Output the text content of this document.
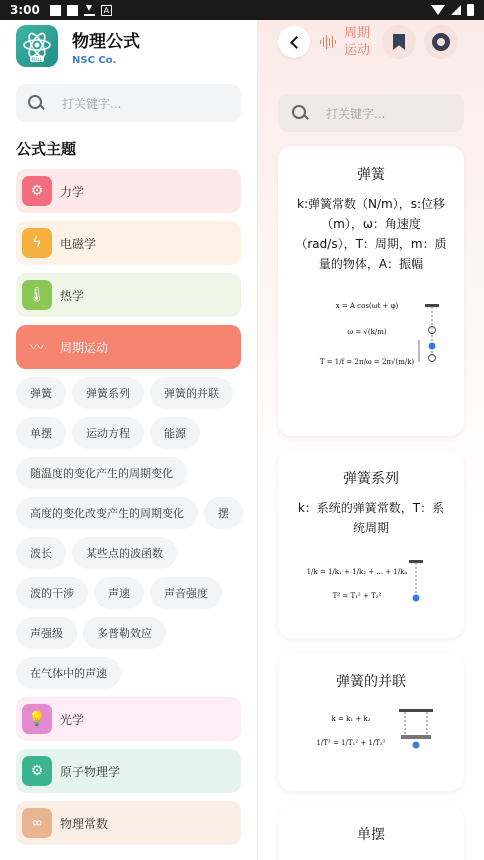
3:00	A
FULL
物理公式
NSC Co.
打关键字...
公式主题
⚙	力学
ϟ	电磁学
🌡	热学
〰	周期运动
弹簧	弹簧系列	弹簧的并联
单摆	运动方程	能源
随温度的变化产生的周期变化
高度的变化改变产生的周期变化	摆
波长	某些点的波函数
波的干涉	声速	声音强度
声强级	多普勒效应
在气体中的声速
💡	光学
⚙	原子物理学
∞	物理常数
周期运动
打关键字...
弹簧
k:弹簧常数（N/m），s:位移（m），ω：角速度（rad/s），T：周期，m：质量的物体，A：振幅
x = A cos(ωt + φ)
ω = √(k/m)
T = 1/f = 2π/ω = 2π√(m/k)
弹簧系列
k：系统的弹簧常数，T：系统周期
1/k = 1/k₁ + 1/k₂ + ... + 1/kₙ
T² = T₁² + T₂²
弹簧的并联
k = k₁ + k₂
1/T² = 1/T₁² + 1/T₂²
单摆
